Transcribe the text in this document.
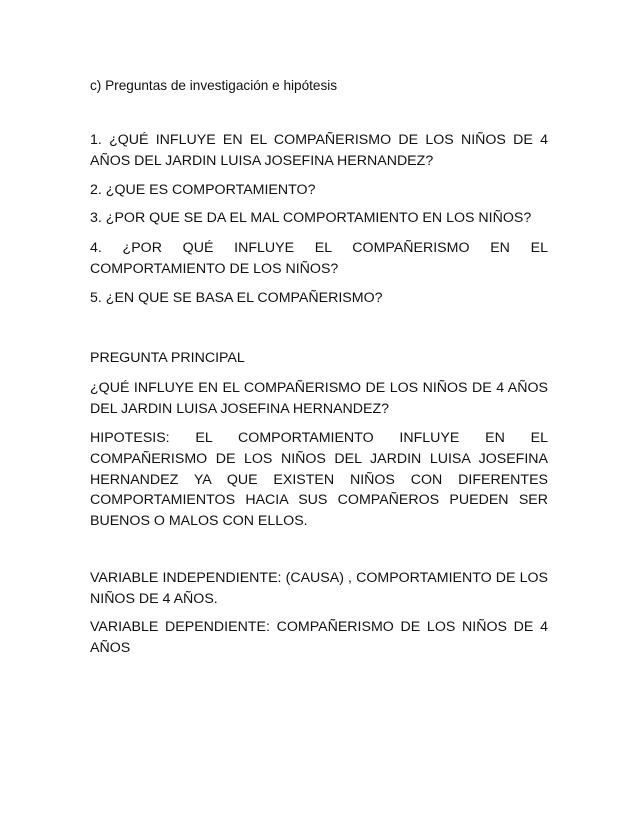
c) Preguntas de investigación e hipótesis
1. ¿QUÉ INFLUYE EN EL COMPAÑERISMO DE LOS NIÑOS DE 4 AÑOS DEL JARDIN LUISA JOSEFINA HERNANDEZ?
2. ¿QUE ES COMPORTAMIENTO?
3. ¿POR QUE SE DA EL MAL COMPORTAMIENTO EN LOS NIÑOS?
4. ¿POR QUÉ INFLUYE EL COMPAÑERISMO EN EL COMPORTAMIENTO DE LOS NIÑOS?
5. ¿EN QUE SE BASA EL COMPAÑERISMO?
PREGUNTA PRINCIPAL
¿QUÉ INFLUYE EN EL COMPAÑERISMO DE LOS NIÑOS DE 4 AÑOS DEL JARDIN LUISA JOSEFINA HERNANDEZ?
HIPOTESIS: EL COMPORTAMIENTO INFLUYE EN EL COMPAÑERISMO DE LOS NIÑOS DEL JARDIN LUISA JOSEFINA HERNANDEZ YA QUE EXISTEN NIÑOS CON DIFERENTES COMPORTAMIENTOS HACIA SUS COMPAÑEROS PUEDEN SER BUENOS O MALOS CON ELLOS.
VARIABLE INDEPENDIENTE: (CAUSA) , COMPORTAMIENTO DE LOS NIÑOS DE 4 AÑOS.
VARIABLE DEPENDIENTE: COMPAÑERISMO DE LOS NIÑOS DE 4 AÑOS
